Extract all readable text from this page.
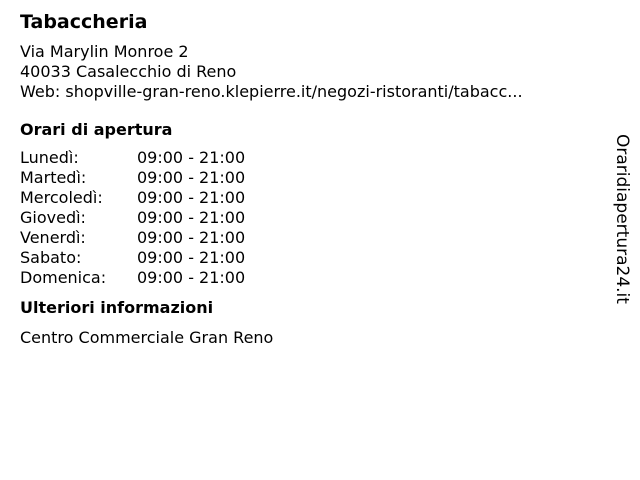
Tabaccheria
Via Marylin Monroe 2
40033 Casalecchio di Reno
Web: shopville-gran-reno.klepierre.it/negozi-ristoranti/tabacc...
Orari di apertura
Lunedì:	09:00 - 21:00
Martedì:	09:00 - 21:00
Mercoledì:	09:00 - 21:00
Giovedì:	09:00 - 21:00
Venerdì:	09:00 - 21:00
Sabato:	09:00 - 21:00
Domenica:	09:00 - 21:00
Ulteriori informazioni
Centro Commerciale Gran Reno
Oraridiapertura24.it
